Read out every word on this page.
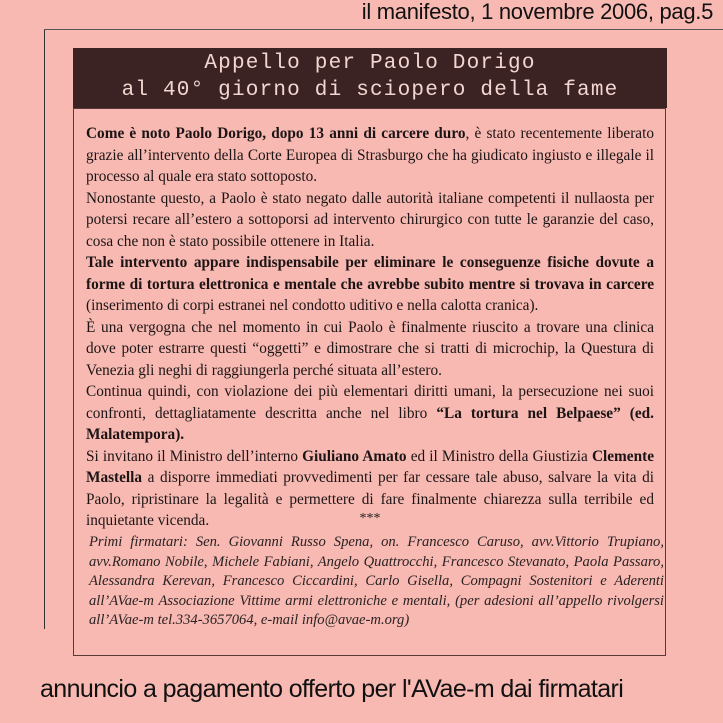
il manifesto, 1 novembre 2006, pag.5
Appello per Paolo Dorigo
al 40° giorno di sciopero della fame

Come è noto Paolo Dorigo, dopo 13 anni di carcere duro, è stato recentemente liberato grazie all’intervento della Corte Europea di Strasburgo che ha giudicato ingiusto e illegale il processo al quale era stato sottoposto.

Nonostante questo, a Paolo è stato negato dalle autorità italiane competenti il nullaosta per potersi recare all’estero a sottoporsi ad intervento chirurgico con tutte le garanzie del caso, cosa che non è stato possibile ottenere in Italia.

Tale intervento appare indispensabile per eliminare le conseguenze fisiche dovute a forme di tortura elettronica e mentale che avrebbe subito mentre si trovava in carcere (inserimento di corpi estranei nel condotto uditivo e nella calotta cranica).

È una vergogna che nel momento in cui Paolo è finalmente riuscito a trovare una clinica dove poter estrarre questi “oggetti” e dimostrare che si tratti di microchip, la Questura di Venezia gli neghi di raggiungerla perché situata all’estero.

Continua quindi, con violazione dei più elementari diritti umani, la persecuzione nei suoi confronti, dettagliatamente descritta anche nel libro “La tortura nel Belpaese” (ed. Malatempora).

Si invitano il Ministro dell’interno Giuliano Amato ed il Ministro della Giustizia Clemente Mastella a disporre immediati provvedimenti per far cessare tale abuso, salvare la vita di Paolo, ripristinare la legalità e permettere di fare finalmente chiarezza sulla terribile ed inquietante vicenda.	***
Primi firmatari: Sen. Giovanni Russo Spena, on. Francesco Caruso, avv.Vittorio Trupiano, avv.Romano Nobile, Michele Fabiani, Angelo Quattrocchi, Francesco Stevanato, Paola Passaro, Alessandra Kerevan, Francesco Ciccardini, Carlo Gisella, Compagni Sostenitori e Aderenti all’AVae-m Associazione Vittime armi elettroniche e mentali, (per adesioni all’appello rivolgersi all’AVae-m tel.334-3657064, e-mail info@avae-m.org)
annuncio a pagamento offerto per l'AVae-m dai firmatari
